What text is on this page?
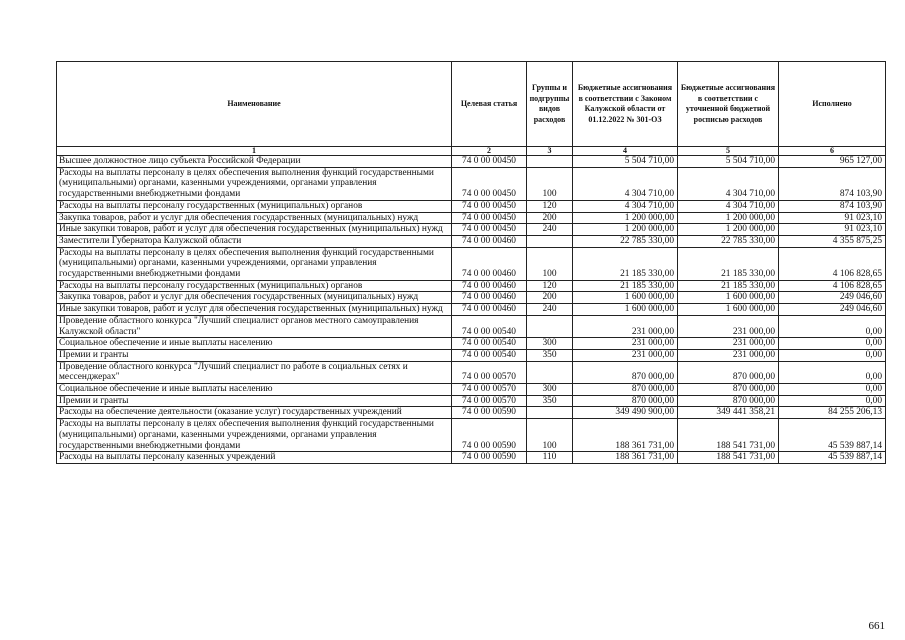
Наименование	Целевая статья	Группы и подгруппы видов расходов	Бюджетные ассигнования в соответствии с Законом Калужской области от 01.12.2022 № 301-ОЗ	Бюджетные ассигнования в соответствии с уточненной бюджетной росписью расходов	Исполнено
1	2	3	4	5	6
Высшее должностное лицо субъекта Российской Федерации	74 0 00 00450		5 504 710,00	5 504 710,00	965 127,00
Расходы на выплаты персоналу в целях обеспечения выполнения функций государственными (муниципальными) органами, казенными учреждениями, органами управления государственными внебюджетными фондами	74 0 00 00450	100	4 304 710,00	4 304 710,00	874 103,90
Расходы на выплаты персоналу государственных (муниципальных) органов	74 0 00 00450	120	4 304 710,00	4 304 710,00	874 103,90
Закупка товаров, работ и услуг для обеспечения государственных (муниципальных) нужд	74 0 00 00450	200	1 200 000,00	1 200 000,00	91 023,10
Иные закупки товаров, работ и услуг для обеспечения государственных (муниципальных) нужд	74 0 00 00450	240	1 200 000,00	1 200 000,00	91 023,10
Заместители Губернатора Калужской области	74 0 00 00460		22 785 330,00	22 785 330,00	4 355 875,25
Расходы на выплаты персоналу в целях обеспечения выполнения функций государственными (муниципальными) органами, казенными учреждениями, органами управления государственными внебюджетными фондами	74 0 00 00460	100	21 185 330,00	21 185 330,00	4 106 828,65
Расходы на выплаты персоналу государственных (муниципальных) органов	74 0 00 00460	120	21 185 330,00	21 185 330,00	4 106 828,65
Закупка товаров, работ и услуг для обеспечения государственных (муниципальных) нужд	74 0 00 00460	200	1 600 000,00	1 600 000,00	249 046,60
Иные закупки товаров, работ и услуг для обеспечения государственных (муниципальных) нужд	74 0 00 00460	240	1 600 000,00	1 600 000,00	249 046,60
Проведение областного конкурса "Лучший специалист органов местного самоуправления Калужской области"	74 0 00 00540		231 000,00	231 000,00	0,00
Социальное обеспечение и иные выплаты населению	74 0 00 00540	300	231 000,00	231 000,00	0,00
Премии и гранты	74 0 00 00540	350	231 000,00	231 000,00	0,00
Проведение областного конкурса "Лучший специалист по работе в социальных сетях и мессенджерах"	74 0 00 00570		870 000,00	870 000,00	0,00
Социальное обеспечение и иные выплаты населению	74 0 00 00570	300	870 000,00	870 000,00	0,00
Премии и гранты	74 0 00 00570	350	870 000,00	870 000,00	0,00
Расходы на обеспечение деятельности (оказание услуг) государственных учреждений	74 0 00 00590		349 490 900,00	349 441 358,21	84 255 206,13
Расходы на выплаты персоналу в целях обеспечения выполнения функций государственными (муниципальными) органами, казенными учреждениями, органами управления государственными внебюджетными фондами	74 0 00 00590	100	188 361 731,00	188 541 731,00	45 539 887,14
Расходы на выплаты персоналу казенных учреждений	74 0 00 00590	110	188 361 731,00	188 541 731,00	45 539 887,14
661
